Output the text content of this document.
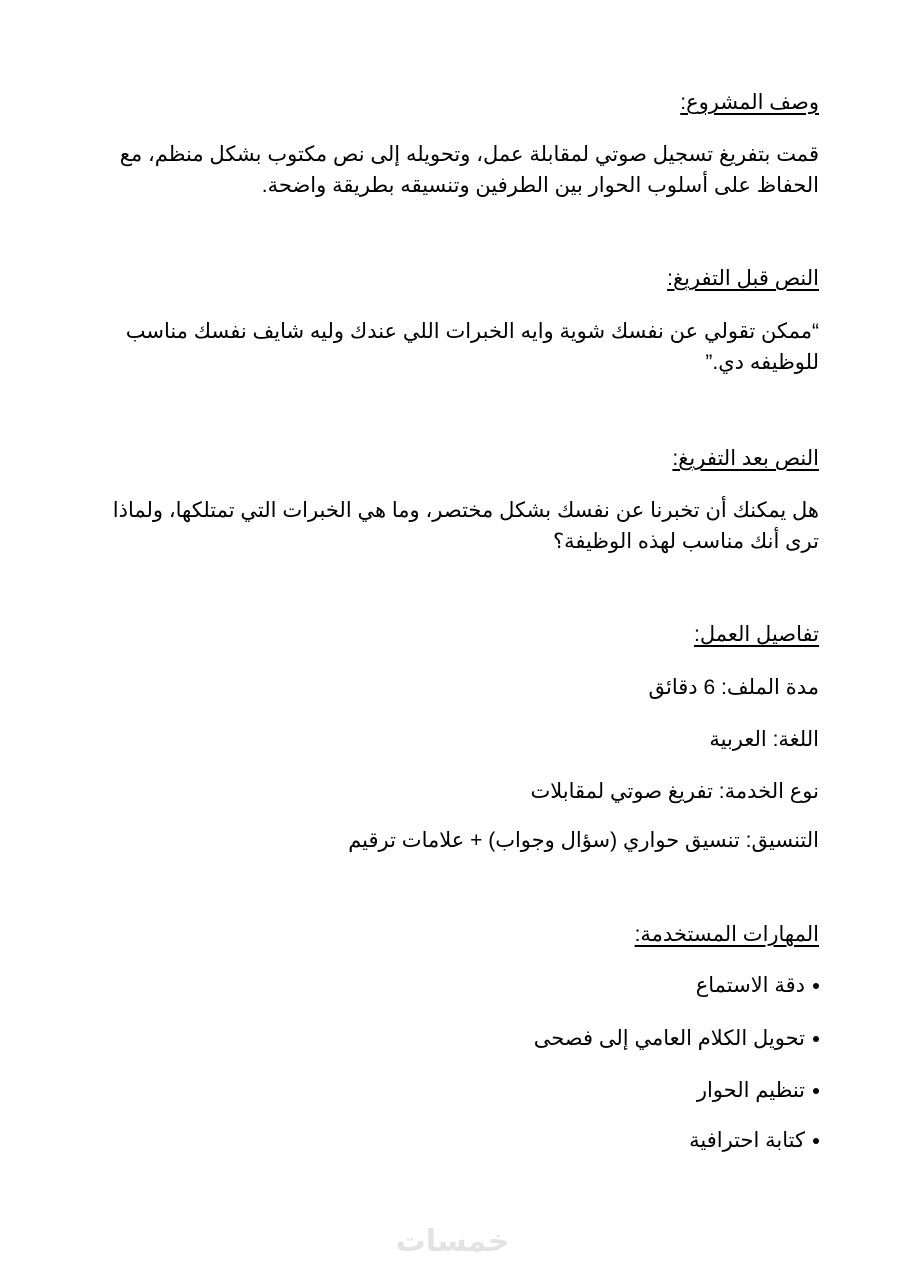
وصف المشروع:
قمت بتفريغ تسجيل صوتي لمقابلة عمل، وتحويله إلى نص مكتوب بشكل منظم، مع الحفاظ على أسلوب الحوار بين الطرفين وتنسيقه بطريقة واضحة.
النص قبل التفريغ:
“ممكن تقولي عن نفسك شوية وايه الخبرات اللي عندك وليه شايف نفسك مناسب للوظيفه دي.”
النص بعد التفريغ:
هل يمكنك أن تخبرنا عن نفسك بشكل مختصر، وما هي الخبرات التي تمتلكها، ولماذا ترى أنك مناسب لهذه الوظيفة؟
تفاصيل العمل:
مدة الملف: 6 دقائق
اللغة: العربية
نوع الخدمة: تفريغ صوتي لمقابلات
التنسيق: تنسيق حواري (سؤال وجواب) + علامات ترقيم
المهارات المستخدمة:
دقة الاستماع
تحويل الكلام العامي إلى فصحى
تنظيم الحوار
كتابة احترافية
خمسات
